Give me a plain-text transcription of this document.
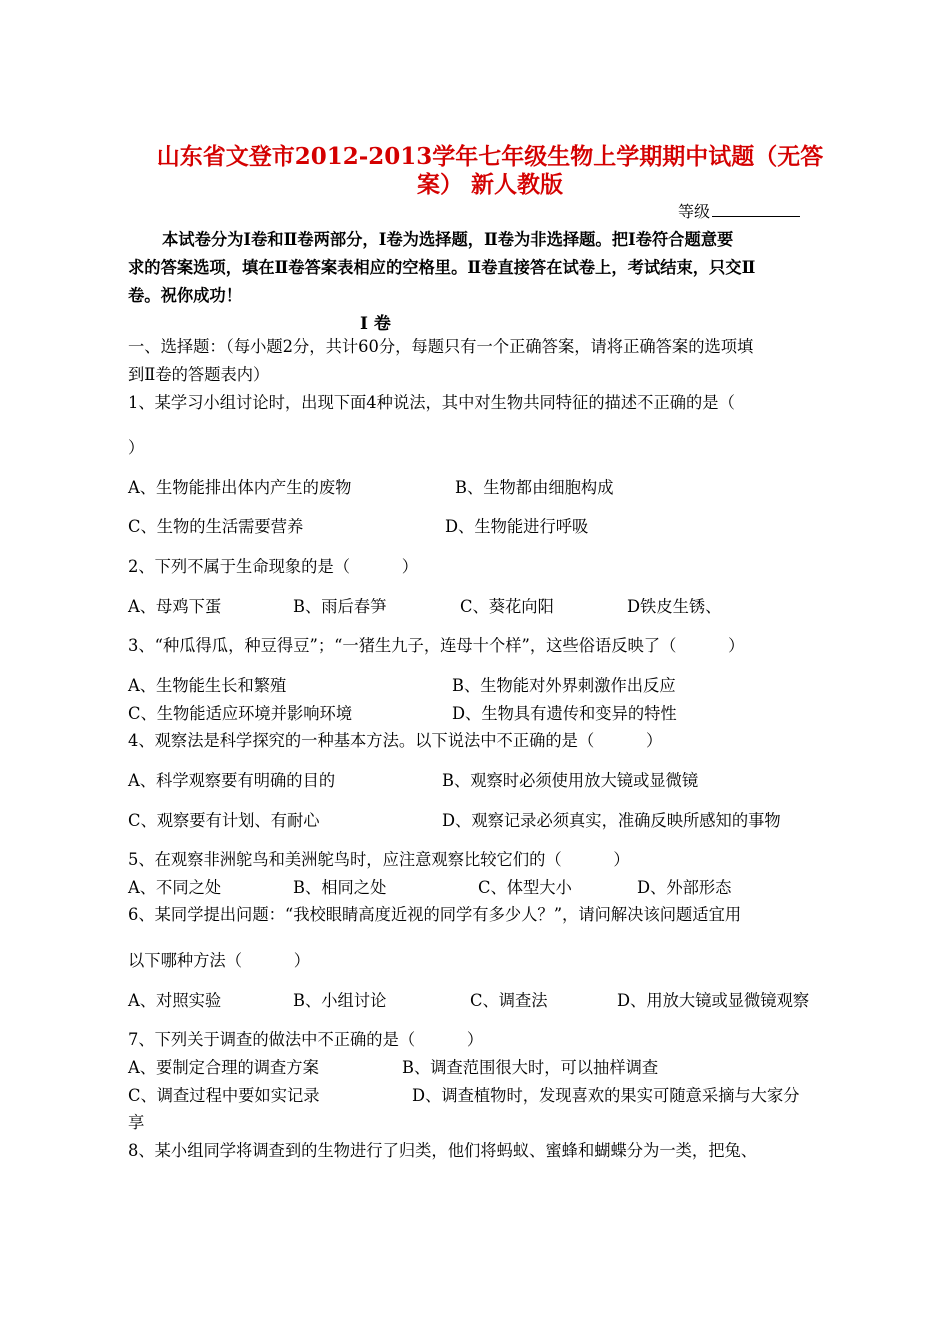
山东省文登市2012-2013学年七年级生物上学期期中试题（无答
案） 新人教版
等级
本试卷分为Ⅰ卷和Ⅱ卷两部分，Ⅰ卷为选择题，Ⅱ卷为非选择题。把Ⅰ卷符合题意要
求的答案选项，填在Ⅱ卷答案表相应的空格里。Ⅱ卷直接答在试卷上，考试结束，只交Ⅱ
卷。祝你成功！
Ⅰ 卷
一、选择题：（每小题2分，共计60分，每题只有一个正确答案，请将正确答案的选项填
到Ⅱ卷的答题表内）
1、某学习小组讨论时，出现下面4种说法，其中对生物共同特征的描述不正确的是（
）
A、生物能排出体内产生的废物	B、生物都由细胞构成
C、生物的生活需要营养	D、生物能进行呼吸
2、下列不属于生命现象的是（          ）
A、母鸡下蛋	B、雨后春笋	C、葵花向阳	D铁皮生锈、
3、“种瓜得瓜，种豆得豆”；“一猪生九子，连母十个样”，这些俗语反映了（          ）
A、生物能生长和繁殖	B、生物能对外界刺激作出反应
C、生物能适应环境并影响环境	D、生物具有遗传和变异的特性
4、观察法是科学探究的一种基本方法。以下说法中不正确的是（          ）
A、科学观察要有明确的目的	B、观察时必须使用放大镜或显微镜
C、观察要有计划、有耐心	D、观察记录必须真实，准确反映所感知的事物
5、在观察非洲鸵鸟和美洲鸵鸟时，应注意观察比较它们的（          ）
A、不同之处	B、相同之处	C、体型大小	D、外部形态
6、某同学提出问题：“我校眼睛高度近视的同学有多少人？”，请问解决该问题适宜用
以下哪种方法（          ）
A、对照实验	B、小组讨论	C、调查法	D、用放大镜或显微镜观察
7、下列关于调查的做法中不正确的是（          ）
A、要制定合理的调查方案	B、调查范围很大时，可以抽样调查
C、调查过程中要如实记录	D、调查植物时，发现喜欢的果实可随意采摘与大家分
享
8、某小组同学将调查到的生物进行了归类，他们将蚂蚁、蜜蜂和蝴蝶分为一类，把兔、
